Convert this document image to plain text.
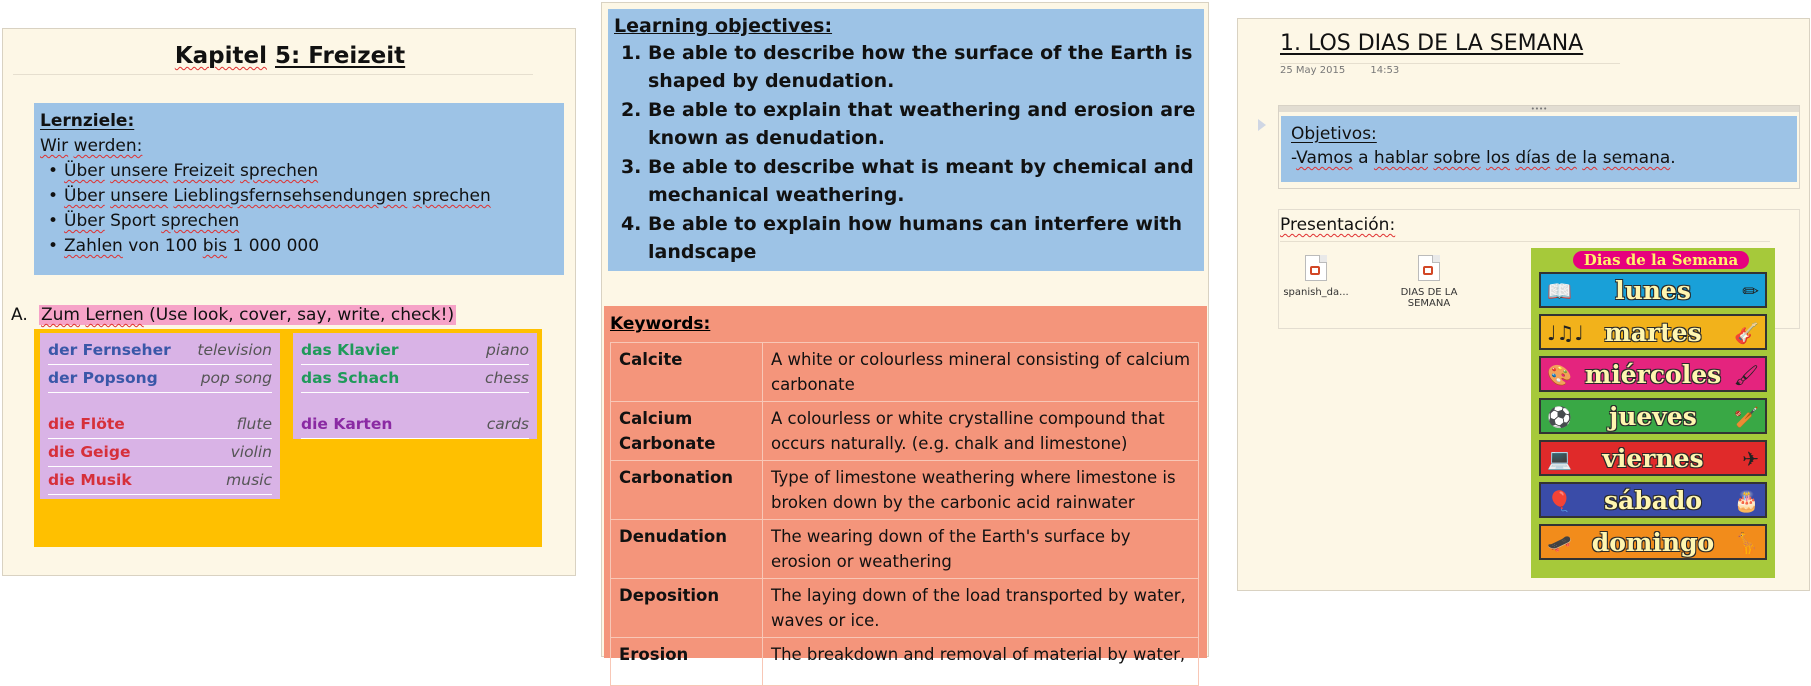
Kapitel 5: Freizeit
Lernziele:
Wir werden:
• Über unsere Freizeit sprechen
• Über unsere Lieblingsfernsehsendungen sprechen
• Über Sport sprechen
• Zahlen von 100 bis 1 000 000
A. Zum Lernen (Use look, cover, say, write, check!)
der Fernseher television
der Popsong	pop song
die Flöte	flute
die Geige	violin
die Musik	music
das Klavier	piano
das Schach	chess
die Karten	cards
Learning objectives:
1. Be able to describe how the surface of the Earth is shaped by denudation.
2. Be able to explain that weathering and erosion are known as denudation.
3. Be able to describe what is meant by chemical and mechanical weathering.
4. Be able to explain how humans can interfere with landscape
Keywords:
Calcite	A white or colourless mineral consisting of calcium carbonate
Calcium Carbonate	A colourless or white crystalline compound that occurs naturally. (e.g. chalk and limestone)
Carbonation	Type of limestone weathering where limestone is broken down by the carbonic acid rainwater
Denudation	The wearing down of the Earth's surface by erosion or weathering
Deposition	The laying down of the load transported by water, waves or ice.
Erosion	The breakdown and removal of material by water,
1. LOS DIAS DE LA SEMANA
25 May 2015	14:53
••••
Objetivos:
-Vamos a hablar sobre los días de la semana.
Presentación:
spanish_da...	DIAS DE LA SEMANA
Dias de la Semana
📖	lunes	✏
♩♫♩ martes	🎸
🎨 miércoles 🖌
⚽	jueves	🏏
💻	viernes	✈
🎈	sábado	🎂
🛹 domingo 🦒
